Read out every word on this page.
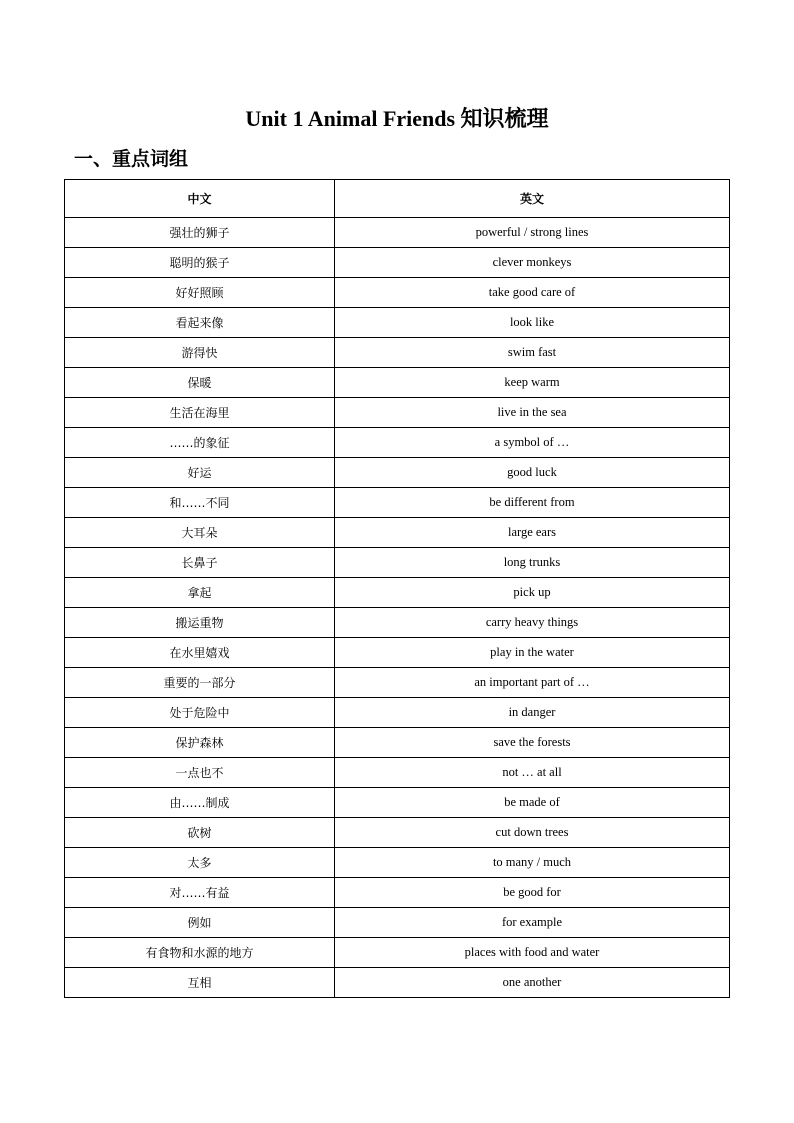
Unit 1 Animal Friends 知识梳理
一、重点词组
中文	英文
强壮的狮子	powerful / strong lines
聪明的猴子	clever monkeys
好好照顾	take good care of
看起来像	look like
游得快	swim fast
保暖	keep warm
生活在海里	live in the sea
……的象征	a symbol of …
好运	good luck
和……不同	be different from
大耳朵	large ears
长鼻子	long trunks
拿起	pick up
搬运重物	carry heavy things
在水里嬉戏	play in the water
重要的一部分	an important part of …
处于危险中	in danger
保护森林	save the forests
一点也不	not … at all
由……制成	be made of
砍树	cut down trees
太多	to many / much
对……有益	be good for
例如	for example
有食物和水源的地方	places with food and water
互相	one another
